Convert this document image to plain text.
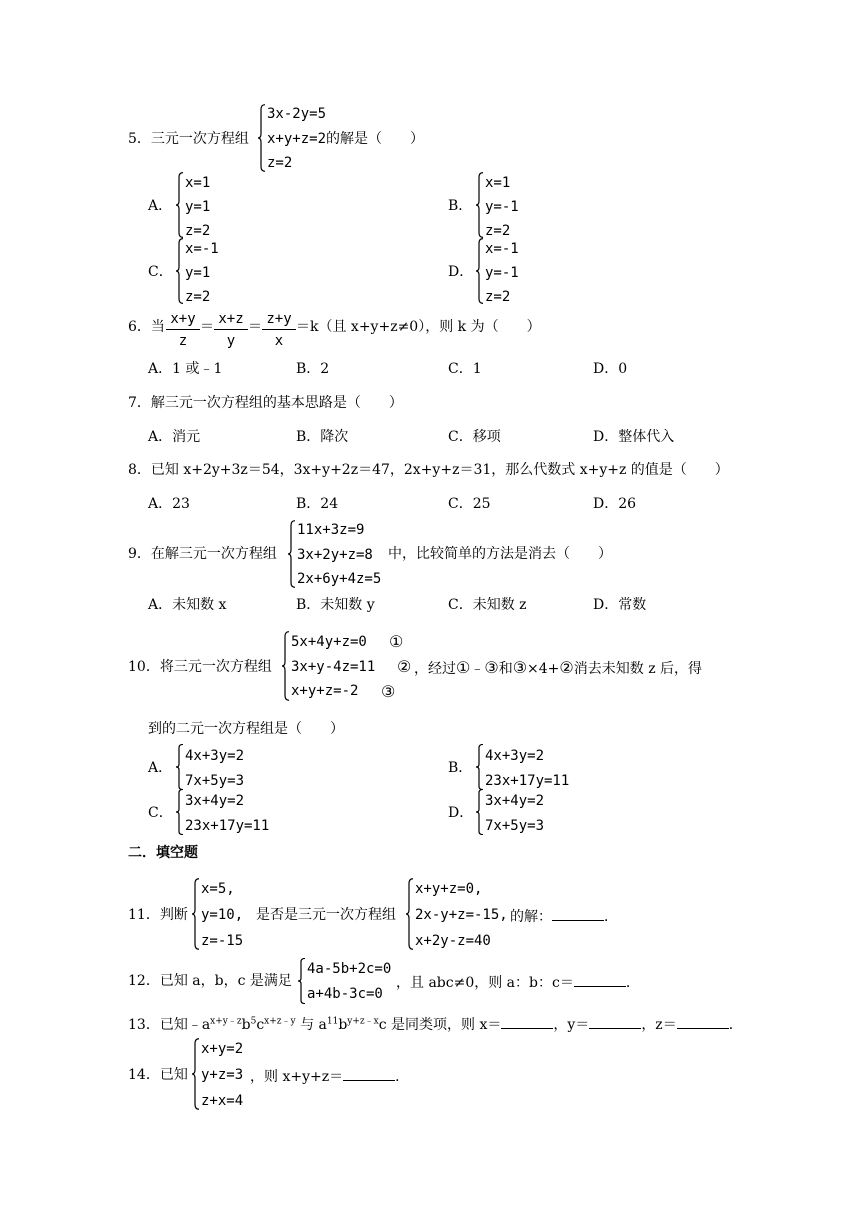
5．三元一次方程组
3x-2y=5
x+y+z=2
z=2
的解是（　　）
A．
x=1
y=1
z=2
B．
x=1
y=-1
z=2
C．
x=-1
y=1
z=2
D．
x=-1
y=-1
z=2
6．当 x+y
z
＝ x+z
y
＝ z+y
x
＝k（且 x+y+z≠0），则 k 为（　　）
A．1 或﹣1	B．2	C．1	D．0
7．解三元一次方程组的基本思路是（　　）
A．消元	B．降次	C．移项	D．整体代入
8．已知 x+2y+3z＝54，3x+y+2z＝47，2x+y+z＝31，那么代数式 x+y+z 的值是（　　）
A．23	B．24	C．25	D．26
9．在解三元一次方程组
11x+3z=9
3x+2y+z=8
2x+6y+4z=5
中，比较简单的方法是消去（　　）
A．未知数 x	B．未知数 y	C．未知数 z	D．常数
10．将三元一次方程组
5x+4y+z=0
3x+y-4z=11
x+y+z=-2
①
②
③
，经过①﹣③和③×4+②消去未知数 z 后，得
到的二元一次方程组是（　　）
A．
4x+3y=2
7x+5y=3
B．
4x+3y=2
23x+17y=11
C．
3x+4y=2
23x+17y=11
D．
3x+4y=2
7x+5y=3
二．填空题
11．判断
x=5,
y=10,
z=-15
是否是三元一次方程组
x+y+z=0,
2x-y+z=-15,
x+2y-z=40
的解：	．
12．已知 a，b，c 是满足
4a-5b+2c=0
a+4b-3c=0
，且 abc≠0，则 a：b：c＝	．
13．已知$﹣a^{x+y﹣z}b^5c^{x+z﹣y}$ 与 $a^{11}b^{y+z﹣x}c$ 是同类项，则 x＝	，y＝	，z＝	．
14．已知
x+y=2
y+z=3
z+x=4
，则 x+y+z＝	．
